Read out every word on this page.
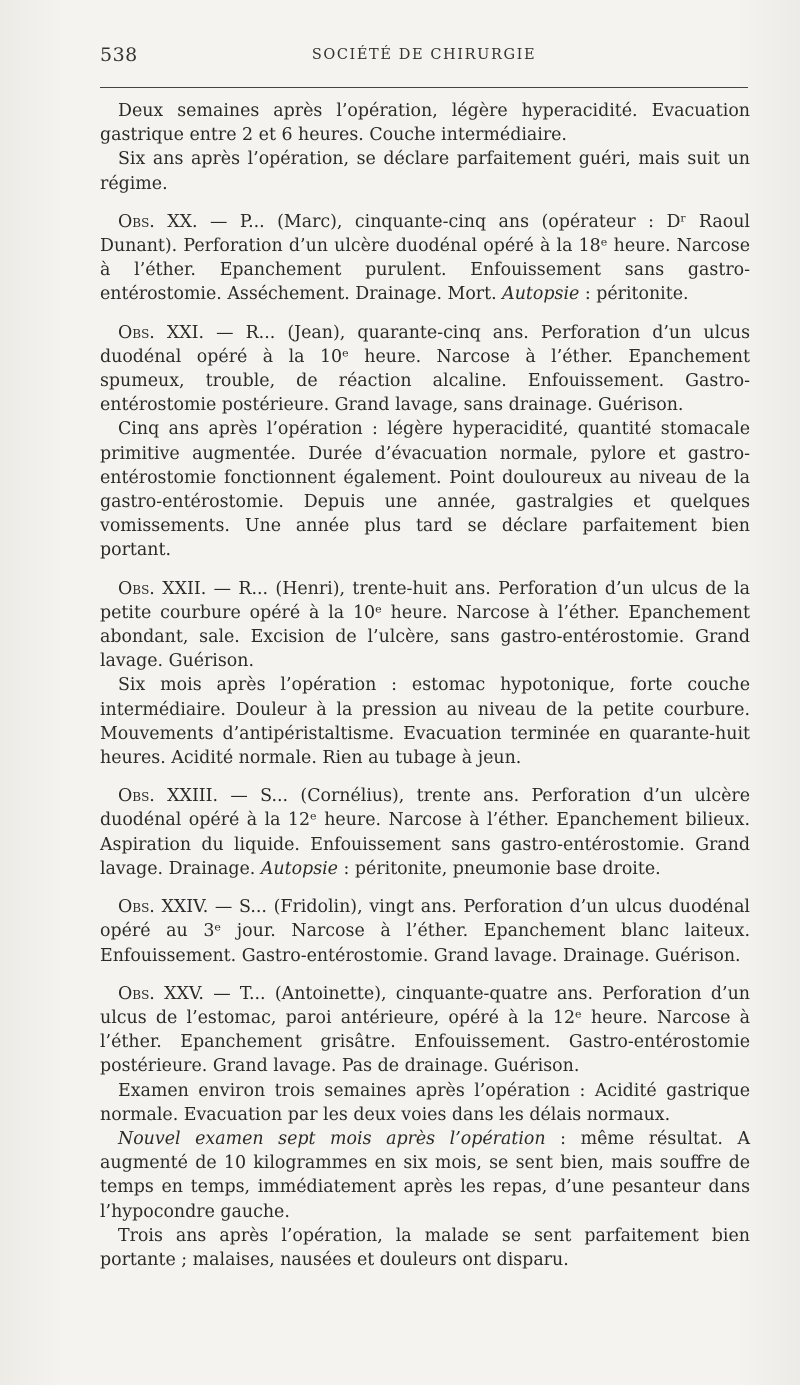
538	SOCIÉTÉ DE CHIRURGIE

Deux semaines après l’opération, légère hyperacidité. Evacuation gastrique entre 2 et 6 heures. Couche intermédiaire.

Six ans après l’opération, se déclare parfaitement guéri, mais suit un régime.

Obs. XX. — P... (Marc), cinquante-cinq ans (opérateur : Dʳ Raoul Dunant). Perforation d’un ulcère duodénal opéré à la 18ᵉ heure. Narcose à l’éther. Epanchement purulent. Enfouissement sans gastro-entérostomie. Asséchement. Drainage. Mort. Autopsie : péritonite.

Obs. XXI. — R... (Jean), quarante-cinq ans. Perforation d’un ulcus duodénal opéré à la 10ᵉ heure. Narcose à l’éther. Epanchement spumeux, trouble, de réaction alcaline. Enfouissement. Gastro-entérostomie postérieure. Grand lavage, sans drainage. Guérison.

Cinq ans après l’opération : légère hyperacidité, quantité stomacale primitive augmentée. Durée d’évacuation normale, pylore et gastro-entérostomie fonctionnent également. Point douloureux au niveau de la gastro-entérostomie. Depuis une année, gastralgies et quelques vomissements. Une année plus tard se déclare parfaitement bien portant.

Obs. XXII. — R... (Henri), trente-huit ans. Perforation d’un ulcus de la petite courbure opéré à la 10ᵉ heure. Narcose à l’éther. Epanchement abondant, sale. Excision de l’ulcère, sans gastro-entérostomie. Grand lavage. Guérison.

Six mois après l’opération : estomac hypotonique, forte couche intermédiaire. Douleur à la pression au niveau de la petite courbure. Mouvements d’antipéristaltisme. Evacuation terminée en quarante-huit heures. Acidité normale. Rien au tubage à jeun.

Obs. XXIII. — S... (Cornélius), trente ans. Perforation d’un ulcère duodénal opéré à la 12ᵉ heure. Narcose à l’éther. Epanchement bilieux. Aspiration du liquide. Enfouissement sans gastro-entérostomie. Grand lavage. Drainage. Autopsie : péritonite, pneumonie base droite.

Obs. XXIV. — S... (Fridolin), vingt ans. Perforation d’un ulcus duodénal opéré au 3ᵉ jour. Narcose à l’éther. Epanchement blanc laiteux. Enfouissement. Gastro-entérostomie. Grand lavage. Drainage. Guérison.

Obs. XXV. — T... (Antoinette), cinquante-quatre ans. Perforation d’un ulcus de l’estomac, paroi antérieure, opéré à la 12ᵉ heure. Narcose à l’éther. Epanchement grisâtre. Enfouissement. Gastro-entérostomie postérieure. Grand lavage. Pas de drainage. Guérison.

Examen environ trois semaines après l’opération : Acidité gastrique normale. Evacuation par les deux voies dans les délais normaux.

Nouvel examen sept mois après l’opération : même résultat. A augmenté de 10 kilogrammes en six mois, se sent bien, mais souffre de temps en temps, immédiatement après les repas, d’une pesanteur dans l’hypocondre gauche.

Trois ans après l’opération, la malade se sent parfaitement bien portante ; malaises, nausées et douleurs ont disparu.
